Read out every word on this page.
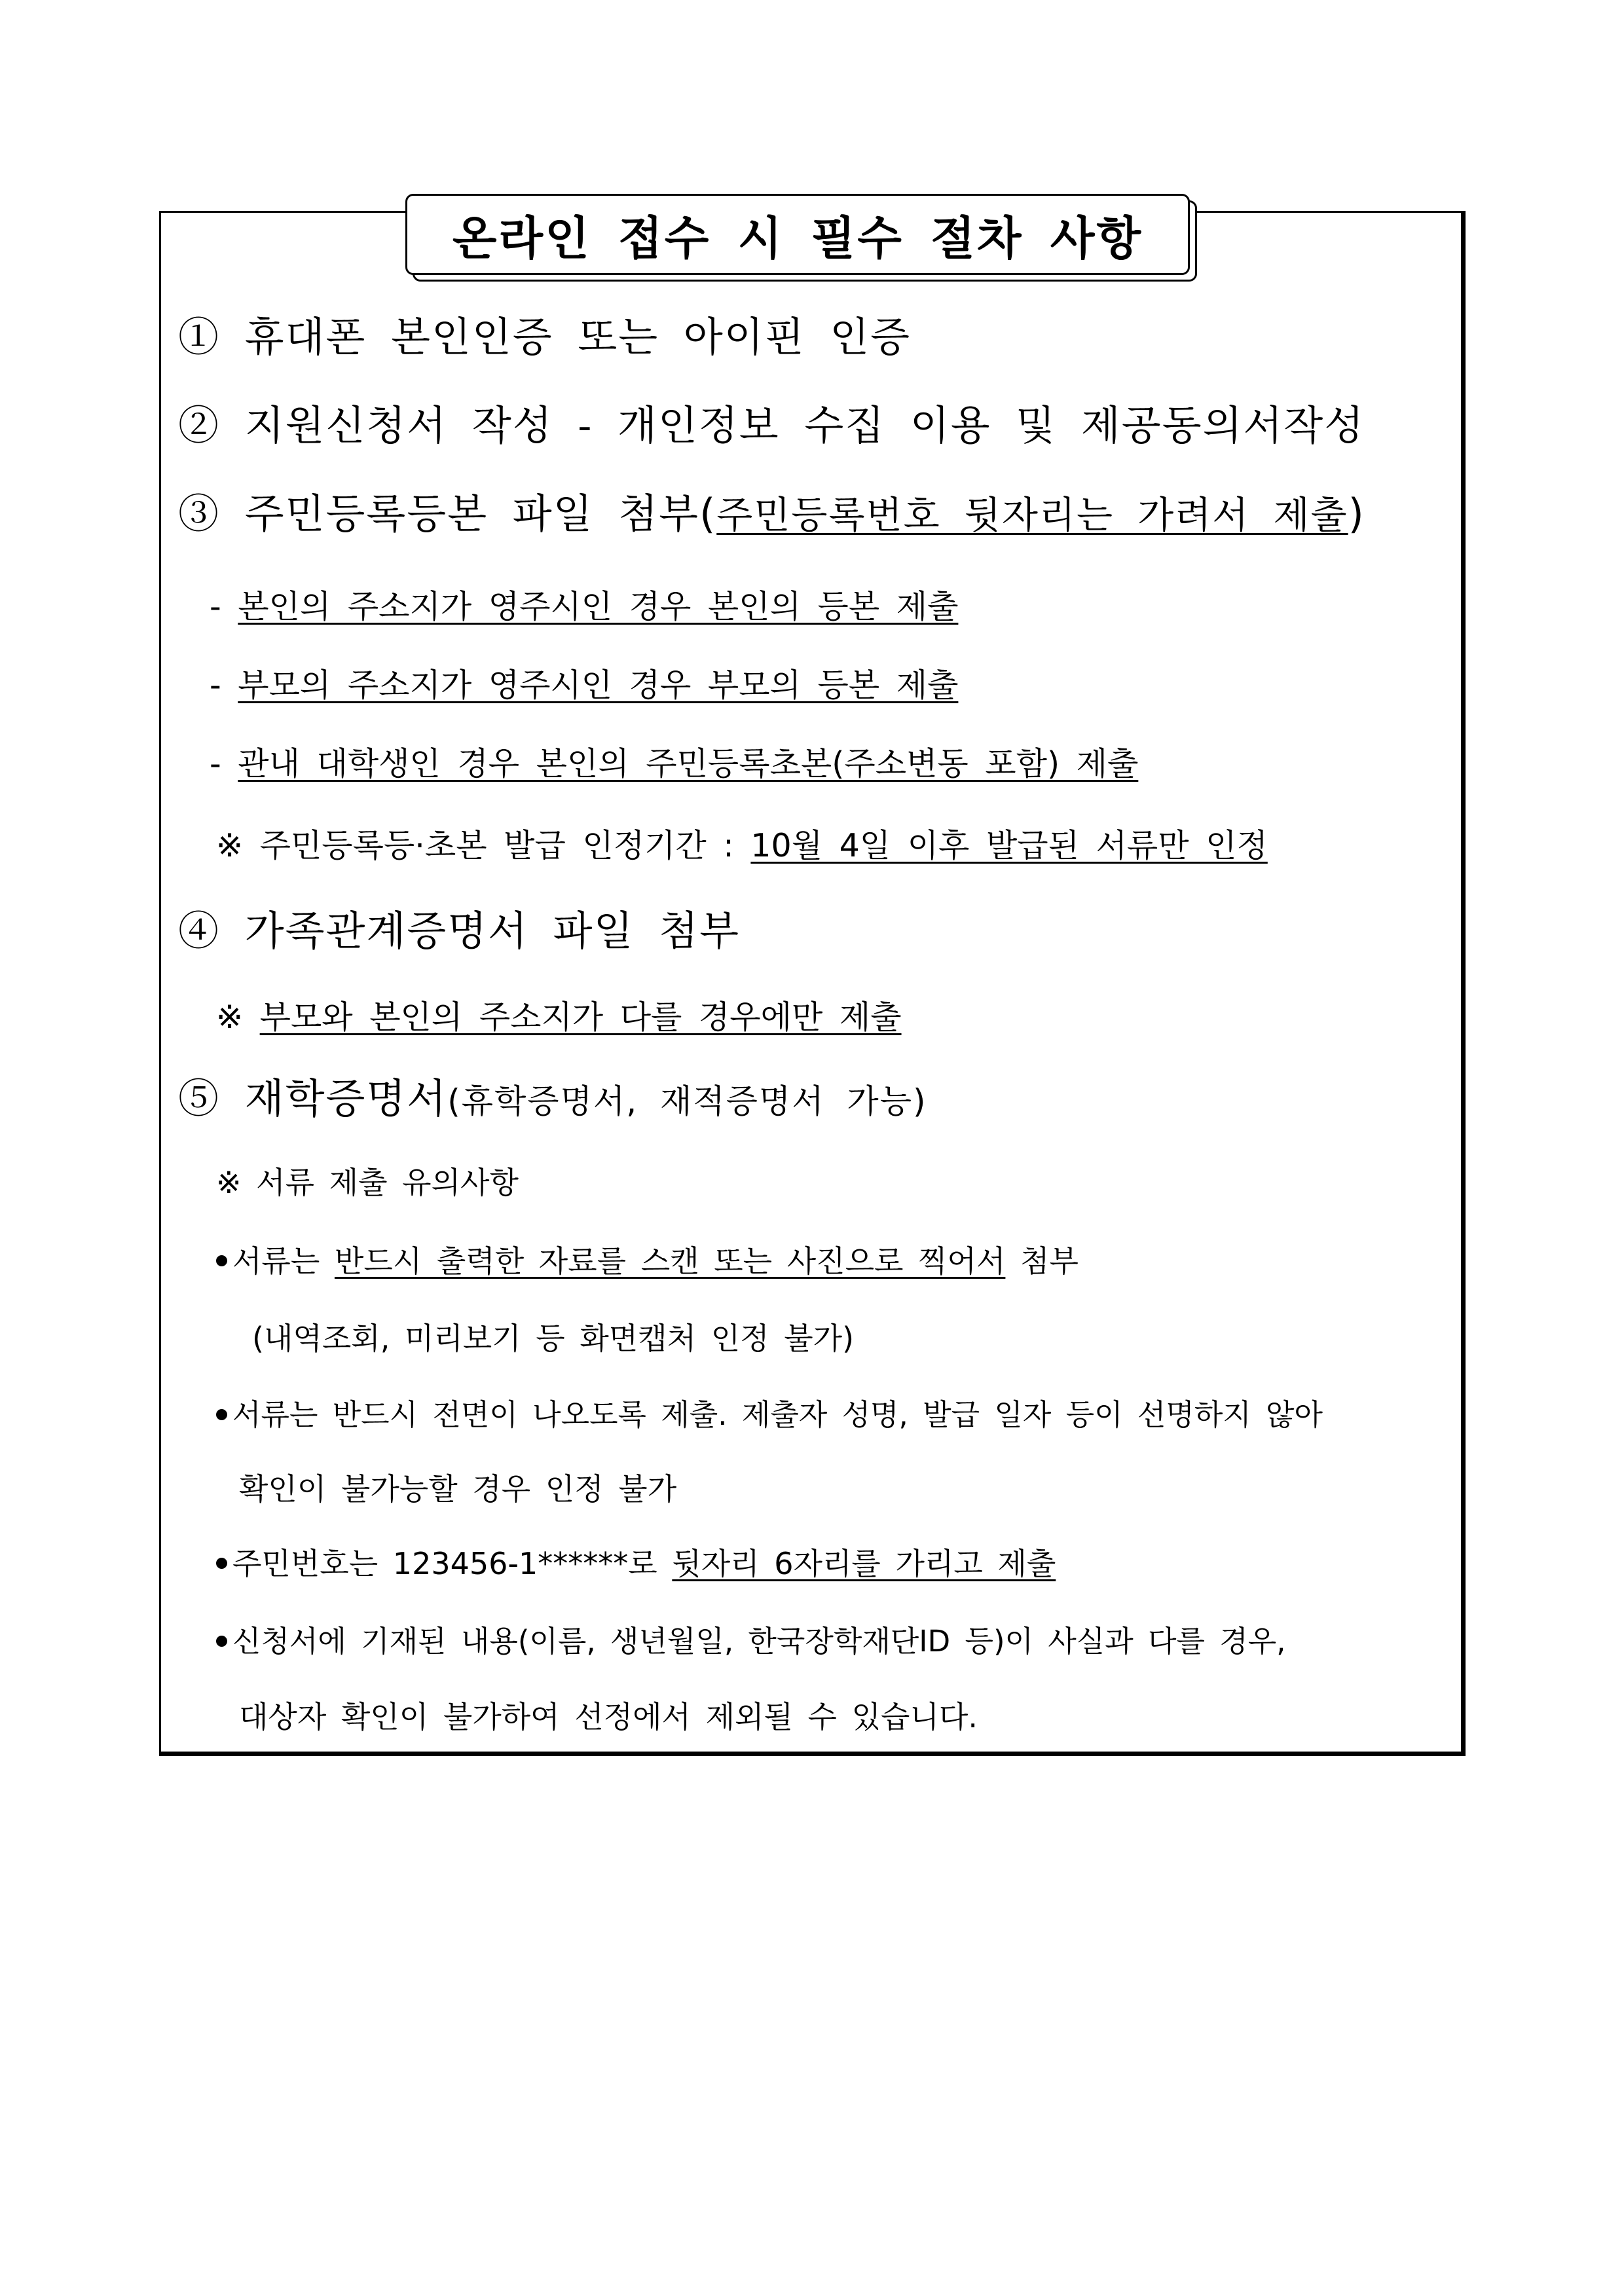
온라인 접수 시 필수 절차 사항
① 휴대폰 본인인증 또는 아이핀 인증
② 지원신청서 작성 - 개인정보 수집 이용 및 제공동의서작성
③ 주민등록등본 파일 첨부(주민등록번호 뒷자리는 가려서 제출)
- 본인의 주소지가 영주시인 경우 본인의 등본 제출
- 부모의 주소지가 영주시인 경우 부모의 등본 제출
- 관내 대학생인 경우 본인의 주민등록초본(주소변동 포함) 제출
※ 주민등록등·초본 발급 인정기간 : 10월 4일 이후 발급된 서류만 인정
④ 가족관계증명서 파일 첨부
※ 부모와 본인의 주소지가 다를 경우에만 제출
⑤ 재학증명서(휴학증명서, 재적증명서 가능)
※ 서류 제출 유의사항
서류는 반드시 출력한 자료를 스캔 또는 사진으로 찍어서 첨부
(내역조회, 미리보기 등 화면캡처 인정 불가)
서류는 반드시 전면이 나오도록 제출. 제출자 성명, 발급 일자 등이 선명하지 않아
확인이 불가능할 경우 인정 불가
주민번호는 123456-1******로 뒷자리 6자리를 가리고 제출
신청서에 기재된 내용(이름, 생년월일, 한국장학재단ID 등)이 사실과 다를 경우,
대상자 확인이 불가하여 선정에서 제외될 수 있습니다.
